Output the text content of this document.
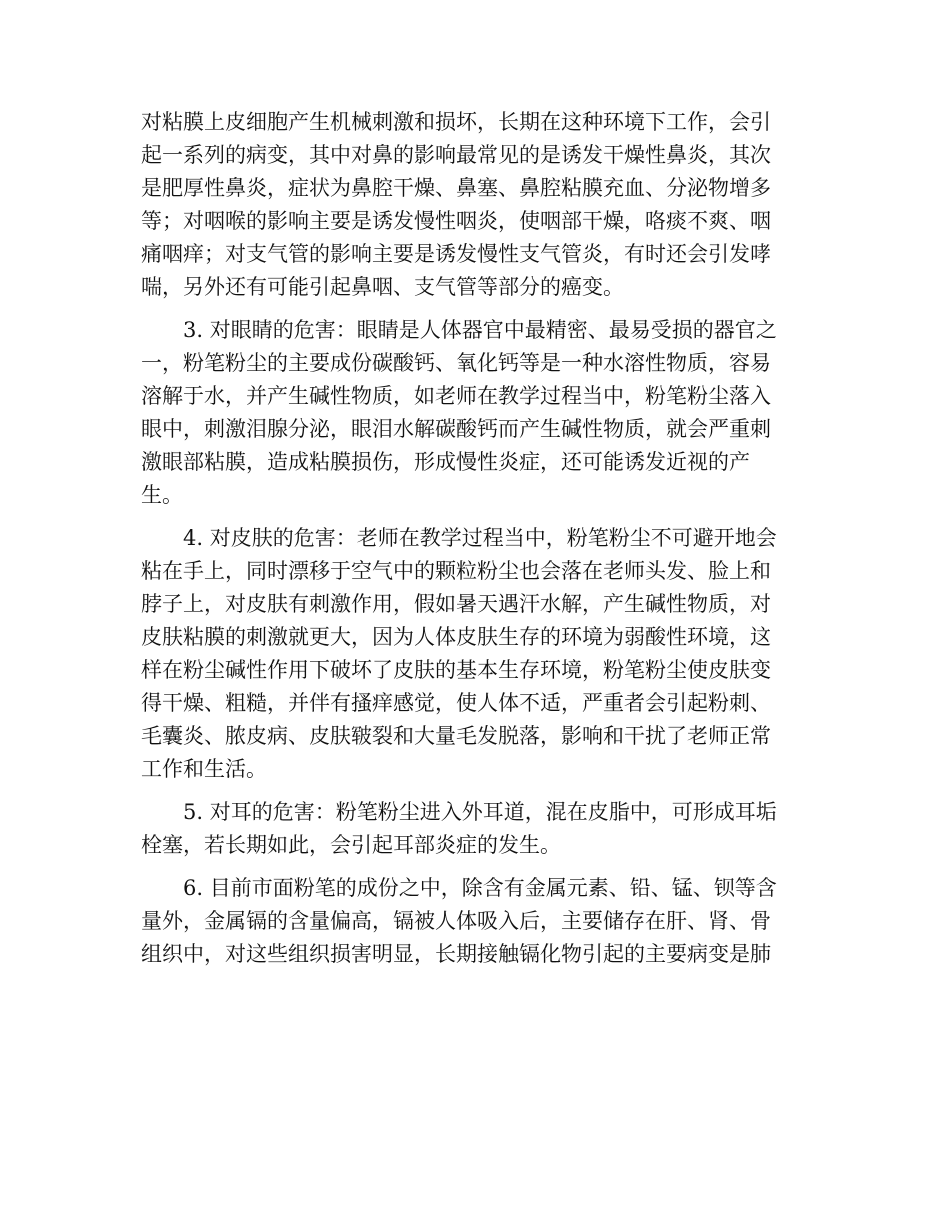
对粘膜上皮细胞产生机械刺激和损坏，长期在这种环境下工作，会引
起一系列的病变，其中对鼻的影响最常见的是诱发干燥性鼻炎，其次
是肥厚性鼻炎，症状为鼻腔干燥、鼻塞、鼻腔粘膜充血、分泌物增多
等；对咽喉的影响主要是诱发慢性咽炎，使咽部干燥，咯痰不爽、咽
痛咽痒；对支气管的影响主要是诱发慢性支气管炎，有时还会引发哮
喘，另外还有可能引起鼻咽、支气管等部分的癌变。
　　3. 对眼睛的危害：眼睛是人体器官中最精密、最易受损的器官之
一，粉笔粉尘的主要成份碳酸钙、氧化钙等是一种水溶性物质，容易
溶解于水，并产生碱性物质，如老师在教学过程当中，粉笔粉尘落入
眼中，刺激泪腺分泌，眼泪水解碳酸钙而产生碱性物质，就会严重刺
激眼部粘膜，造成粘膜损伤，形成慢性炎症，还可能诱发近视的产
生。
　　4. 对皮肤的危害：老师在教学过程当中，粉笔粉尘不可避开地会
粘在手上，同时漂移于空气中的颗粒粉尘也会落在老师头发、脸上和
脖子上，对皮肤有刺激作用，假如暑天遇汗水解，产生碱性物质，对
皮肤粘膜的刺激就更大，因为人体皮肤生存的环境为弱酸性环境，这
样在粉尘碱性作用下破坏了皮肤的基本生存环境，粉笔粉尘使皮肤变
得干燥、粗糙，并伴有搔痒感觉，使人体不适，严重者会引起粉刺、
毛囊炎、脓皮病、皮肤皲裂和大量毛发脱落，影响和干扰了老师正常
工作和生活。
　　5. 对耳的危害：粉笔粉尘进入外耳道，混在皮脂中，可形成耳垢
栓塞，若长期如此，会引起耳部炎症的发生。
　　6. 目前市面粉笔的成份之中，除含有金属元素、铅、锰、钡等含
量外，金属镉的含量偏高，镉被人体吸入后，主要储存在肝、肾、骨
组织中，对这些组织损害明显，长期接触镉化物引起的主要病变是肺
